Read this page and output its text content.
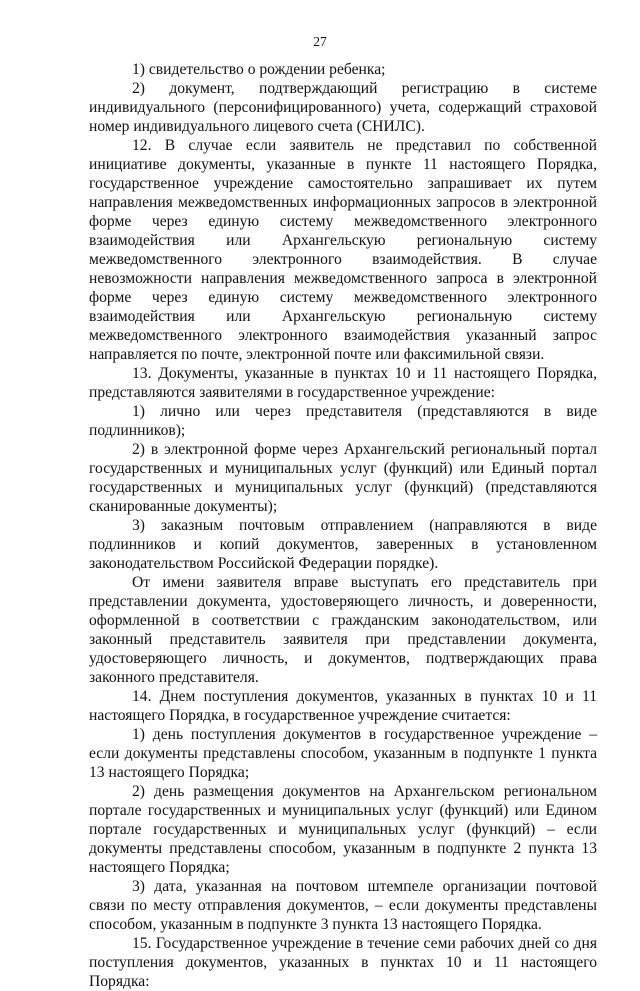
27

1) свидетельство о рождении ребенка;

2) документ, подтверждающий регистрацию в системе индивидуального (персонифицированного) учета, содержащий страховой номер индивидуального лицевого счета (СНИЛС).

12. В случае если заявитель не представил по собственной инициативе документы, указанные в пункте 11 настоящего Порядка, государственное учреждение самостоятельно запрашивает их путем направления межведомственных информационных запросов в электронной форме через единую систему межведомственного электронного взаимодействия или Архангельскую региональную систему межведомственного электронного взаимодействия. В случае невозможности направления межведомственного запроса в электронной форме через единую систему межведомственного электронного взаимодействия или Архангельскую региональную систему межведомственного электронного взаимодействия указанный запрос направляется по почте, электронной почте или факсимильной связи.

13. Документы, указанные в пунктах 10 и 11 настоящего Порядка, представляются заявителями в государственное учреждение:

1) лично или через представителя (представляются в виде подлинников);

2) в электронной форме через Архангельский региональный портал государственных и муниципальных услуг (функций) или Единый портал государственных и муниципальных услуг (функций) (представляются сканированные документы);

3) заказным почтовым отправлением (направляются в виде подлинников и копий документов, заверенных в установленном законодательством Российской Федерации порядке).

От имени заявителя вправе выступать его представитель при представлении документа, удостоверяющего личность, и доверенности, оформленной в соответствии с гражданским законодательством, или законный представитель заявителя при представлении документа, удостоверяющего личность, и документов, подтверждающих права законного представителя.

14. Днем поступления документов, указанных в пунктах 10 и 11 настоящего Порядка, в государственное учреждение считается:

1) день поступления документов в государственное учреждение – если документы представлены способом, указанным в подпункте 1 пункта 13 настоящего Порядка;

2) день размещения документов на Архангельском региональном портале государственных и муниципальных услуг (функций) или Едином портале государственных и муниципальных услуг (функций) – если документы представлены способом, указанным в подпункте 2 пункта 13 настоящего Порядка;

3) дата, указанная на почтовом штемпеле организации почтовой связи по месту отправления документов, – если документы представлены способом, указанным в подпункте 3 пункта 13 настоящего Порядка.

15. Государственное учреждение в течение семи рабочих дней со дня поступления документов, указанных в пунктах 10 и 11 настоящего Порядка:
